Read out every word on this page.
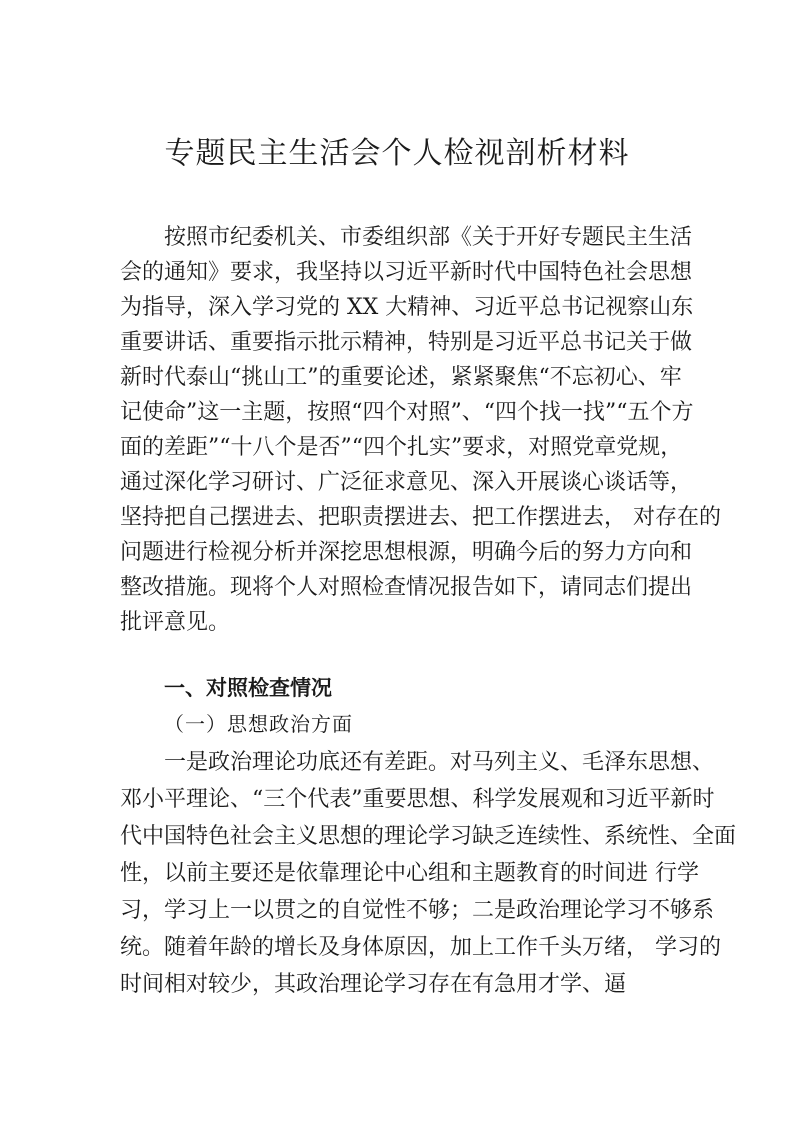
专题民主生活会个人检视剖析材料
按照市纪委机关、市委组织部《关于开好专题民主生活
会的通知》要求，我坚持以习近平新时代中国特色社会思想
为指导，深入学习党的 XX 大精神、习近平总书记视察山东
重要讲话、重要指示批示精神，特别是习近平总书记关于做
新时代泰山“挑山工”的重要论述，紧紧聚焦“不忘初心、牢
记使命”这一主题，按照“四个对照”、“四个找一找”“五个方
面的差距”“十八个是否”“四个扎实”要求，对照党章党规，
通过深化学习研讨、广泛征求意见、深入开展谈心谈话等，
坚持把自己摆进去、把职责摆进去、把工作摆进去， 对存在的
问题进行检视分析并深挖思想根源，明确今后的努力方向和
整改措施。现将个人对照检查情况报告如下，请同志们提出
批评意见。
一、对照检查情况
（一）思想政治方面
一是政治理论功底还有差距。对马列主义、毛泽东思想、
邓小平理论、“三个代表”重要思想、科学发展观和习近平新时
代中国特色社会主义思想的理论学习缺乏连续性、系统性、全面
性，以前主要还是依靠理论中心组和主题教育的时间进 行学
习，学习上一以贯之的自觉性不够；二是政治理论学习不够系
统。随着年龄的增长及身体原因，加上工作千头万绪， 学习的
时间相对较少，其政治理论学习存在有急用才学、逼
